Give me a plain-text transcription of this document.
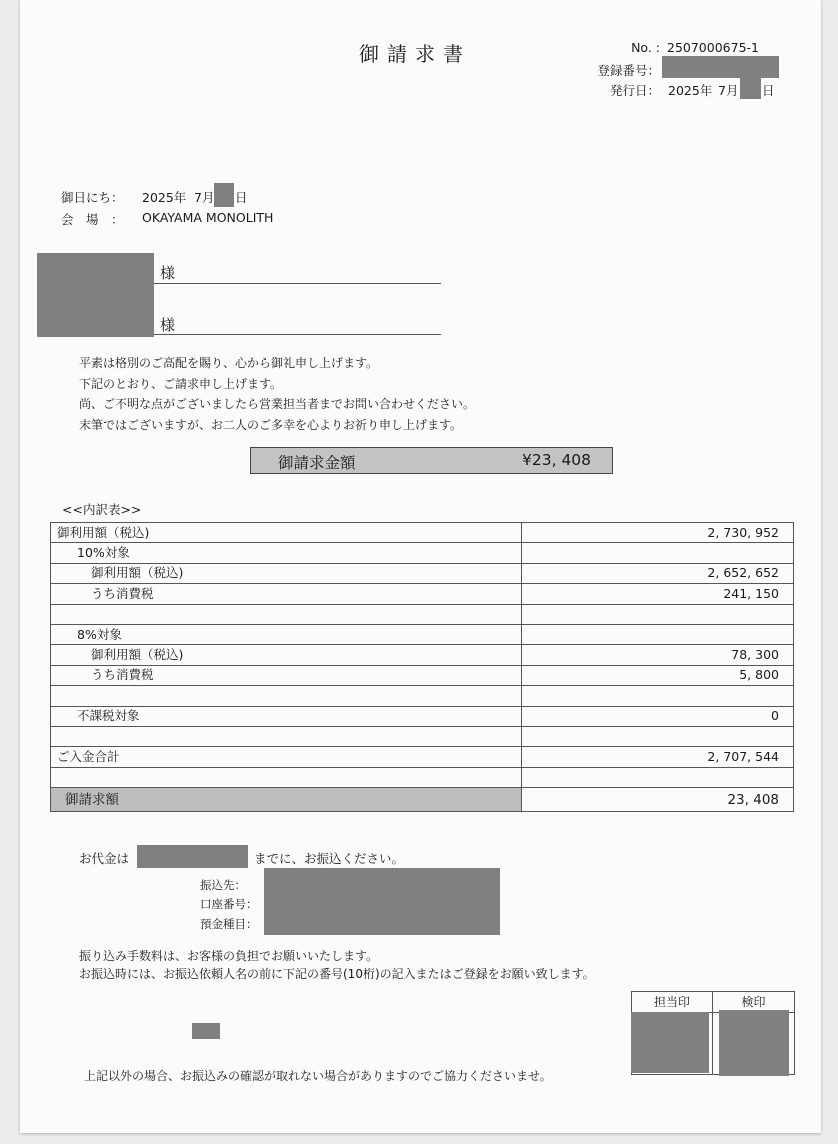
御請求書	No. : 2507000675-1
登録番号：
発行日： 2025年 7月 日
御日にち： 2025年 7月 日
会　場　： OKAYAMA MONOLITH
様
様
平素は格別のご高配を賜り、心から御礼申し上げます。
下記のとおり、ご請求申し上げます。
尚、ご不明な点がございましたら営業担当者までお問い合わせください。
末筆ではございますが、お二人のご多幸を心よりお祈り申し上げます。
御請求金額	¥23, 408
<<内訳表>>
御利用額（税込)	2, 730, 952
10%対象	
御利用額（税込)	2, 652, 652
うち消費税	241, 150

8%対象	
御利用額（税込)	78, 300
うち消費税	5, 800

不課税対象	0

ご入金合計	2, 707, 544

御請求額	23, 408
お代金は	までに、お振込ください。
振込先：
口座番号：
預金種目：
振り込み手数料は、お客様の負担でお願いいたします。
お振込時には、お振込依頼人名の前に下記の番号(10桁)の記入またはご登録をお願い致します。
担当印	検印
上記以外の場合、お振込みの確認が取れない場合がありますのでご協力くださいませ。
